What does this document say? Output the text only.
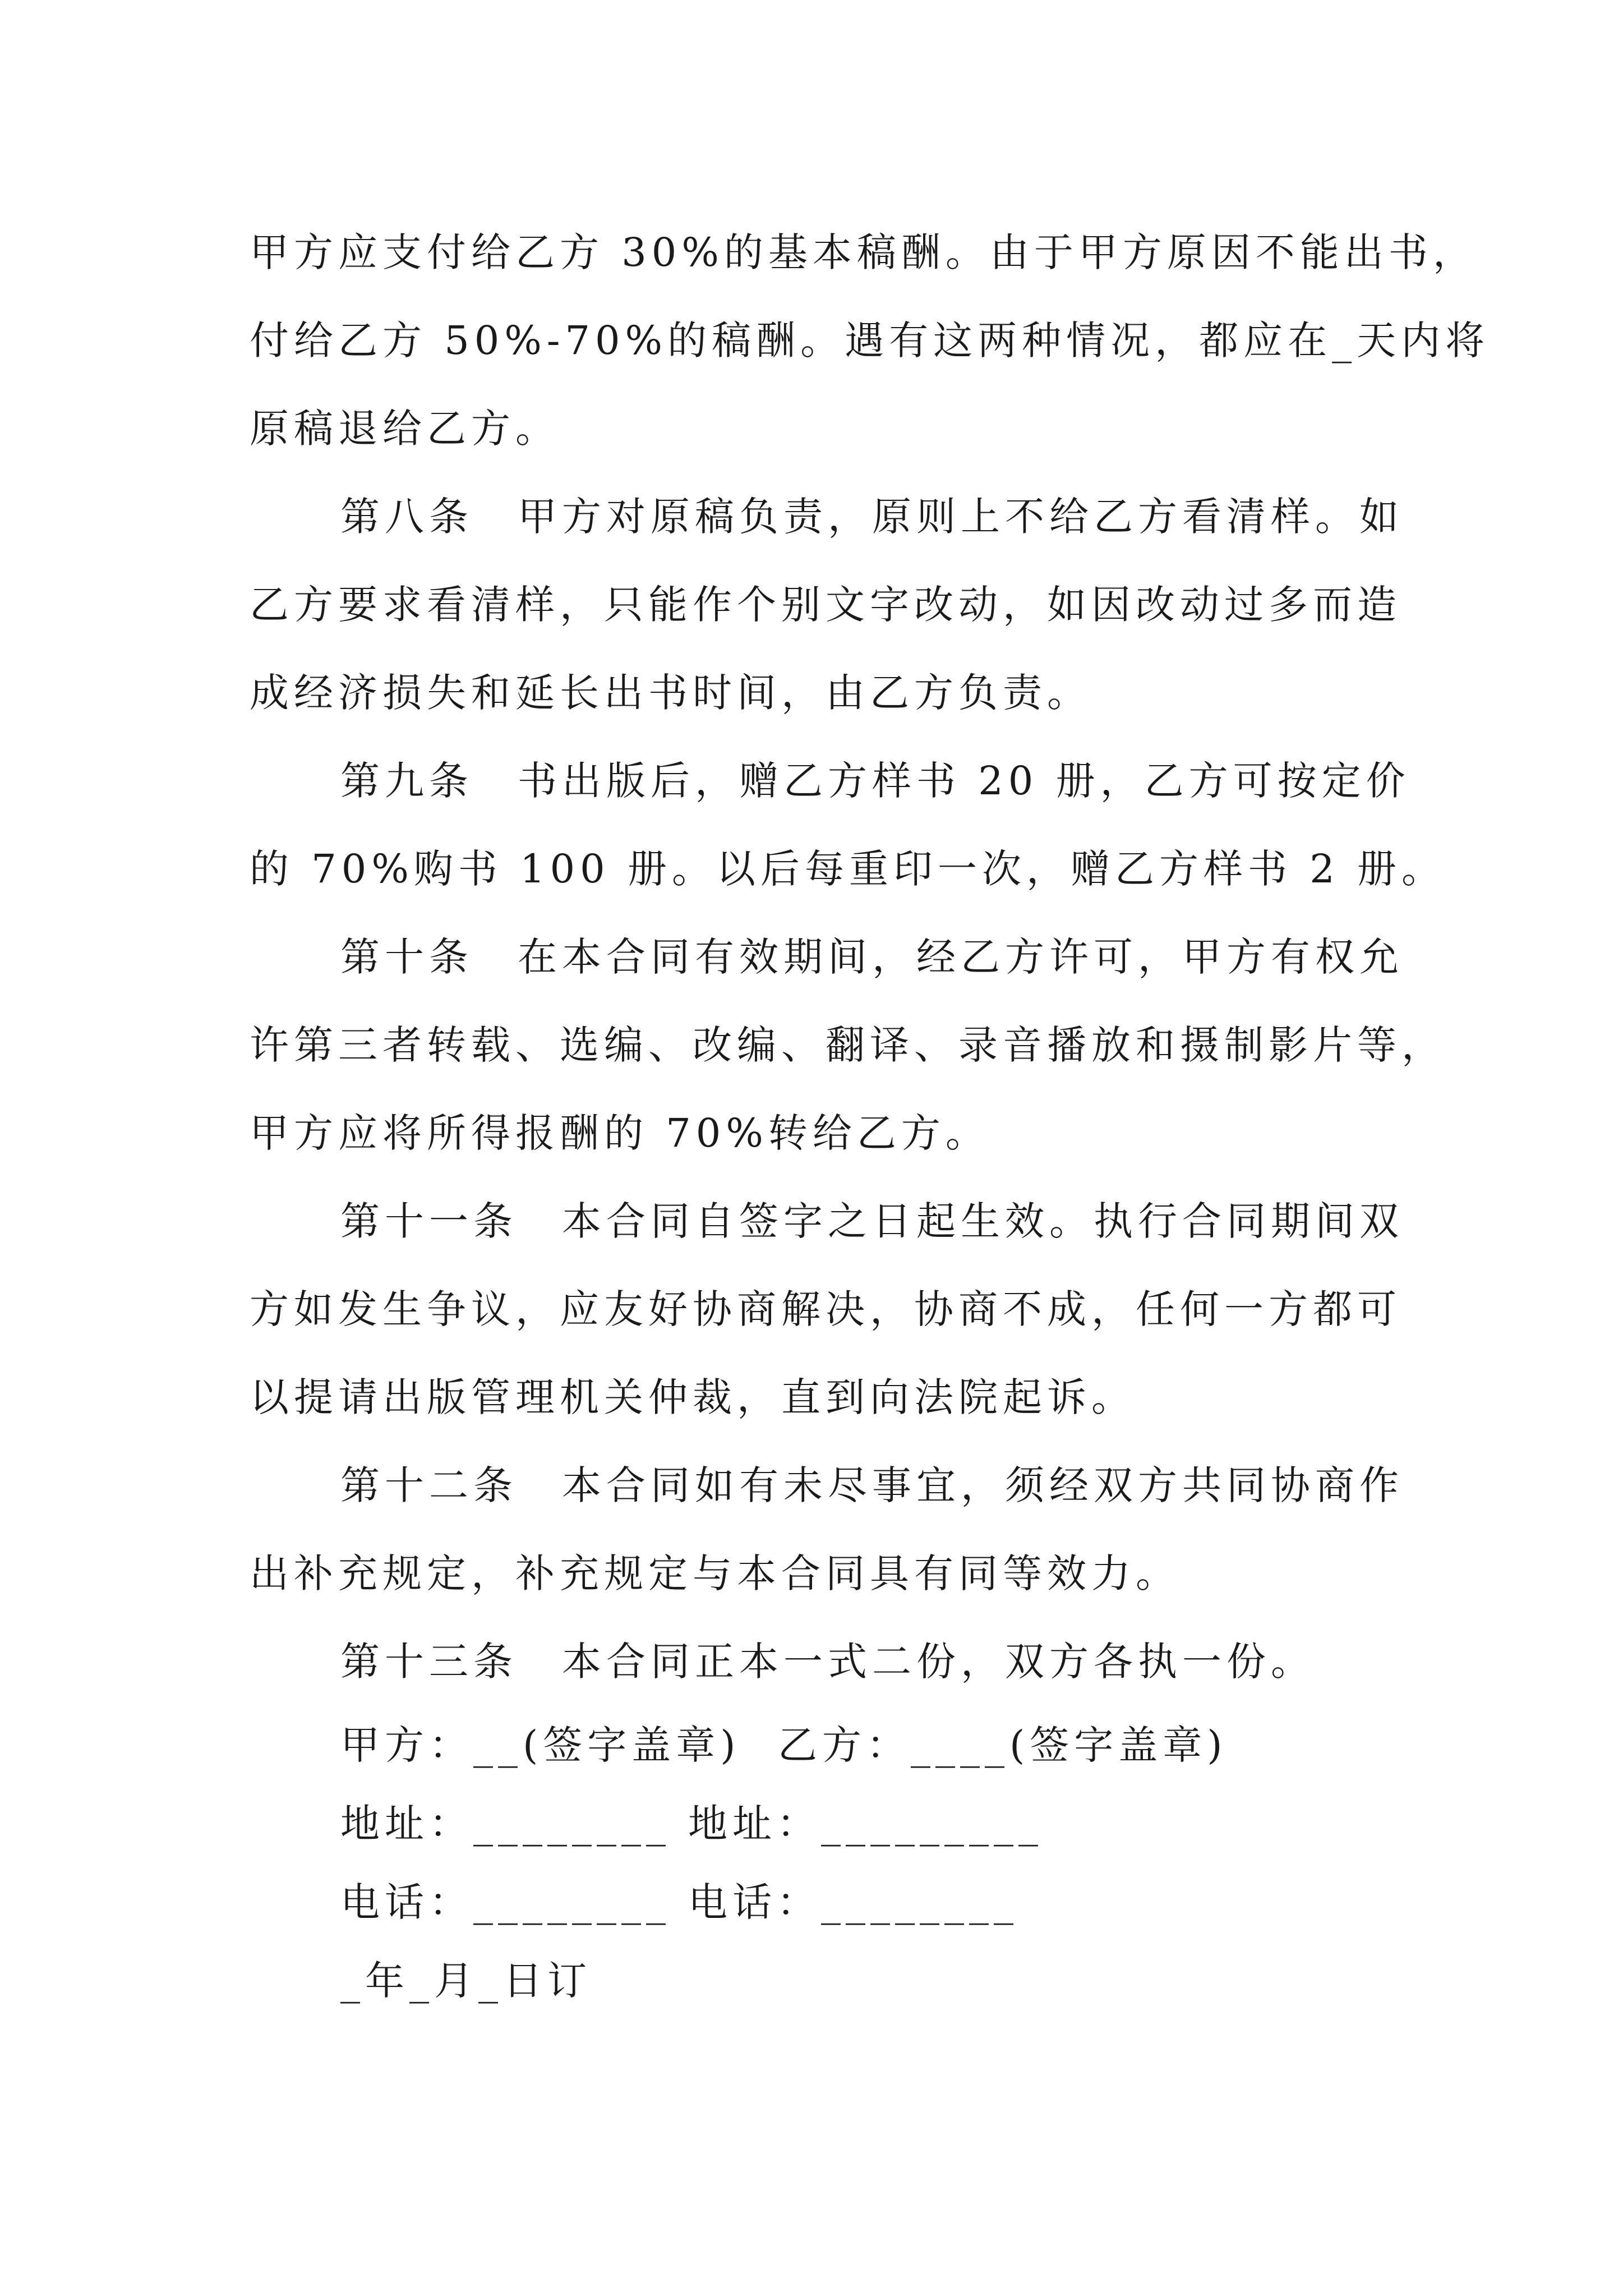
甲方应支付给乙方 30%的基本稿酬。由于甲方原因不能出书，
付给乙方 50%-70%的稿酬。遇有这两种情况，都应在_天内将
原稿退给乙方。
第八条　甲方对原稿负责，原则上不给乙方看清样。如
乙方要求看清样，只能作个别文字改动，如因改动过多而造
成经济损失和延长出书时间，由乙方负责。
第九条　书出版后，赠乙方样书 20 册，乙方可按定价
的 70%购书 100 册。以后每重印一次，赠乙方样书 2 册。
第十条　在本合同有效期间，经乙方许可，甲方有权允
许第三者转载、选编、改编、翻译、录音播放和摄制影片等，
甲方应将所得报酬的 70%转给乙方。
第十一条　本合同自签字之日起生效。执行合同期间双
方如发生争议，应友好协商解决，协商不成，任何一方都可
以提请出版管理机关仲裁，直到向法院起诉。
第十二条　本合同如有未尽事宜，须经双方共同协商作
出补充规定，补充规定与本合同具有同等效力。
第十三条　本合同正本一式二份，双方各执一份。
甲方：__(签字盖章) 乙方：____(签字盖章)
地址：________ 地址：_________
电话：________ 电话：________
_年_月_日订
